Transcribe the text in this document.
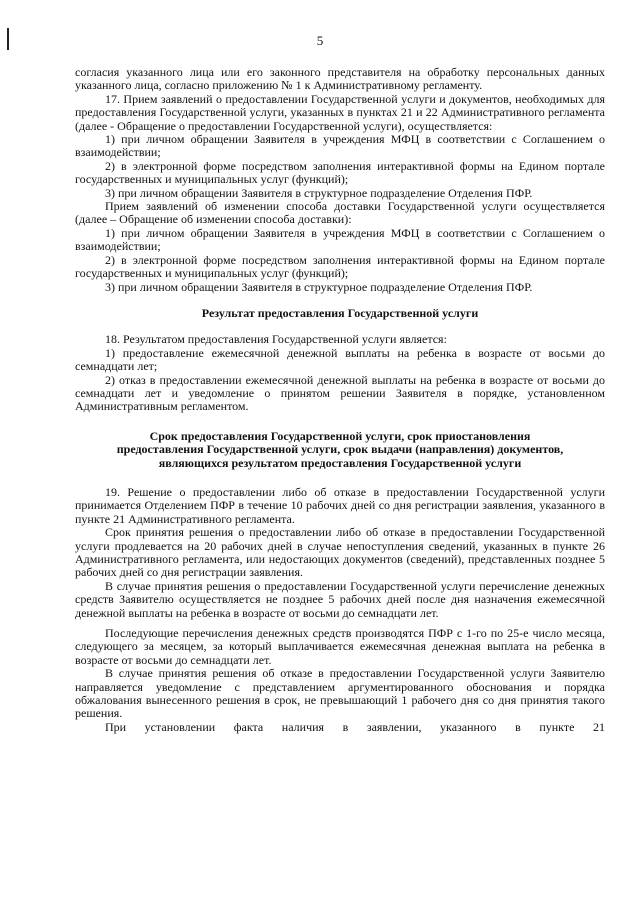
5

согласия указанного лица или его законного представителя на обработку персональных данных указанного лица, согласно приложению № 1 к Административному регламенту.

17. Прием заявлений о предоставлении Государственной услуги и документов, необходимых для предоставления Государственной услуги, указанных в пунктах 21 и 22 Административного регламента (далее - Обращение о предоставлении Государственной услуги), осуществляется:

1) при личном обращении Заявителя в учреждения МФЦ в соответствии с Соглашением о взаимодействии;

2) в электронной форме посредством заполнения интерактивной формы на Едином портале государственных и муниципальных услуг (функций);

3) при личном обращении Заявителя в структурное подразделение Отделения ПФР.

Прием заявлений об изменении способа доставки Государственной услуги осуществляется (далее – Обращение об изменении способа доставки):

1) при личном обращении Заявителя в учреждения МФЦ в соответствии с Соглашением о взаимодействии;

2) в электронной форме посредством заполнения интерактивной формы на Едином портале государственных и муниципальных услуг (функций);

3) при личном обращении Заявителя в структурное подразделение Отделения ПФР.

Результат предоставления Государственной услуги

18. Результатом предоставления Государственной услуги является:

1) предоставление ежемесячной денежной выплаты на ребенка в возрасте от восьми до семнадцати лет;

2) отказ в предоставлении ежемесячной денежной выплаты на ребенка в возрасте от восьми до семнадцати лет и уведомление о принятом решении Заявителя в порядке, установленном Административным регламентом.

Срок предоставления Государственной услуги, срок приостановления

предоставления Государственной услуги, срок выдачи (направления) документов,

являющихся результатом предоставления Государственной услуги

19. Решение о предоставлении либо об отказе в предоставлении Государственной услуги принимается Отделением ПФР в течение 10 рабочих дней со дня регистрации заявления, указанного в пункте 21 Административного регламента.

Срок принятия решения о предоставлении либо об отказе в предоставлении Государственной услуги продлевается на 20 рабочих дней в случае непоступления сведений, указанных в пункте 26 Административного регламента, или недостающих документов (сведений), представленных позднее 5 рабочих дней со дня регистрации заявления.

В случае принятия решения о предоставлении Государственной услуги перечисление денежных средств Заявителю осуществляется не позднее 5 рабочих дней после дня назначения ежемесячной денежной выплаты на ребенка в возрасте от восьми до семнадцати лет.

Последующие перечисления денежных средств производятся ПФР с 1-го по 25-е число месяца, следующего за месяцем, за который выплачивается ежемесячная денежная выплата на ребенка в возрасте от восьми до семнадцати лет.

В случае принятия решения об отказе в предоставлении Государственной услуги Заявителю направляется уведомление с представлением аргументированного обоснования и порядка обжалования вынесенного решения в срок, не превышающий 1 рабочего дня со дня принятия такого решения.

При установлении факта наличия в заявлении, указанного в пункте 21
